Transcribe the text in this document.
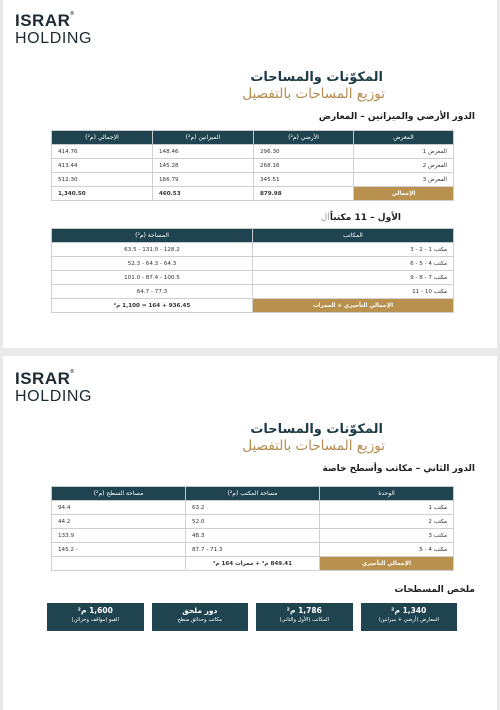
ISRAR®
HOLDING
المكوّنات والمساحات
توزيع المساحات بالتفصيل
الدور الأرضي والميزانين – المعارض
المعرض	الأرضي (م²)	الميزانين (م²)	الإجمالي (م²)
المعرض 1	296.30	148.46	414.76
المعرض 2	268.16	145.28	413.44
المعرض 3	345.51	166.79	512.30
الإجمالي	879.98	460.53	1,340.50
الأول – 11 مكتباًال
المكاتب	المساحة (م²)
مكتب 1 - 2 - 3	128.2 - 131.0 - 63.5
مكتب 4 - 5 - 6	64.3 - 64.3 - 52.3
مكتب 7 - 8 - 9	100.5 - 87.4 - 101.0
مكتب 10 - 11	77.3 - 64.7
الإجمالي التأجيري + الممرات	936.45 + 164 = 1,100 م²
ISRAR®
HOLDING
المكوّنات والمساحات
توزيع المساحات بالتفصيل
الدور الثاني – مكاتب وأسطح خاصة
الوحدة	مساحة المكتب (م²)	مساحة السطح (م²)
مكتب 1	63.2	94.4
مكتب 2	52.0	44.2
مكتب 3	48.3	133.9
مكتب 4 - 5	87.7 - 71.3	145.2 -
الإجمالي التأجيري	849.41 م² + ممرات 164 م²	
ملخص المسطحات
1,340 م²
المعارض (أرضي + ميزانين)
1,786 م²
المكاتب (الأول والثاني)
دور ملحق
مكاتب وحدائق سطح
1,600 م²
القبو (مواقف وخزائن)
